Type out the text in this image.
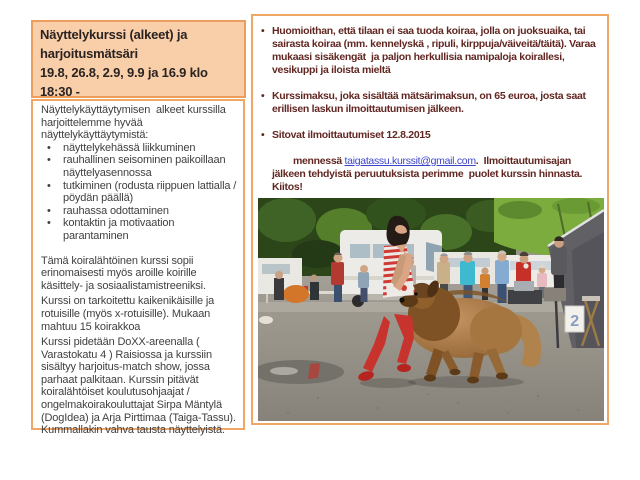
Näyttelykurssi (alkeet) ja harjoitusmätsäri
19.8, 26.8, 2.9, 9.9 ja 16.9 klo 18:30 -
Näyttelykäyttäytymisen  alkeet kurssilla harjoittelemme hyvää näyttelykäyttäytymistä:
• näyttelykehässä liikkuminen
• rauhallinen seisominen paikoillaan näyttelyasennossa
• tutkiminen (rodusta riippuen lattialla / pöydän päällä)
• rauhassa odottaminen
• kontaktin ja motivaation parantaminen
Tämä koiralähtöinen kurssi sopii erinomaisesti myös aroille koirille käsittely- ja sosiaalistamistreeniksi.
Kurssi on tarkoitettu kaikenikäisille ja rotuisille (myös x-rotuisille). Mukaan mahtuu 15 koirakkoa
Kurssi pidetään DoXX-areenalla ( Varastokatu 4 ) Raisiossa ja kurssiin sisältyy harjoitus-match show, jossa parhaat palkitaan. Kurssin pitävät koiralähtöiset koulutusohjaajat / ongelmakoirakouluttajat Sirpa Mäntylä (DogIdea) ja Arja Pirttimaa (Taiga-Tassu). Kummallakin vahva tausta näyttelyistä.
• Huomioithan, että tilaan ei saa tuoda koiraa, jolla on juoksuaika, tai sairasta koiraa (mm. kennelyskä , ripuli, kirppuja/väiveitä/täitä). Varaa mukaasi sisäkengät  ja paljon herkullisia namipaloja koirallesi, vesikuppi ja iloista mieltä
• Kurssimaksu, joka sisältää mätsärimaksun, on 65 euroa, josta saat erillisen laskun ilmoittautumisen jälkeen.
• Sitovat ilmoittautumiset 12.8.2015

mennessä taigatassu.kurssit@gmail.com.  Ilmoittautumisajan jälkeen tehdyistä peruutuksista perimme  puolet kurssin hinnasta. Kiitos!

2
